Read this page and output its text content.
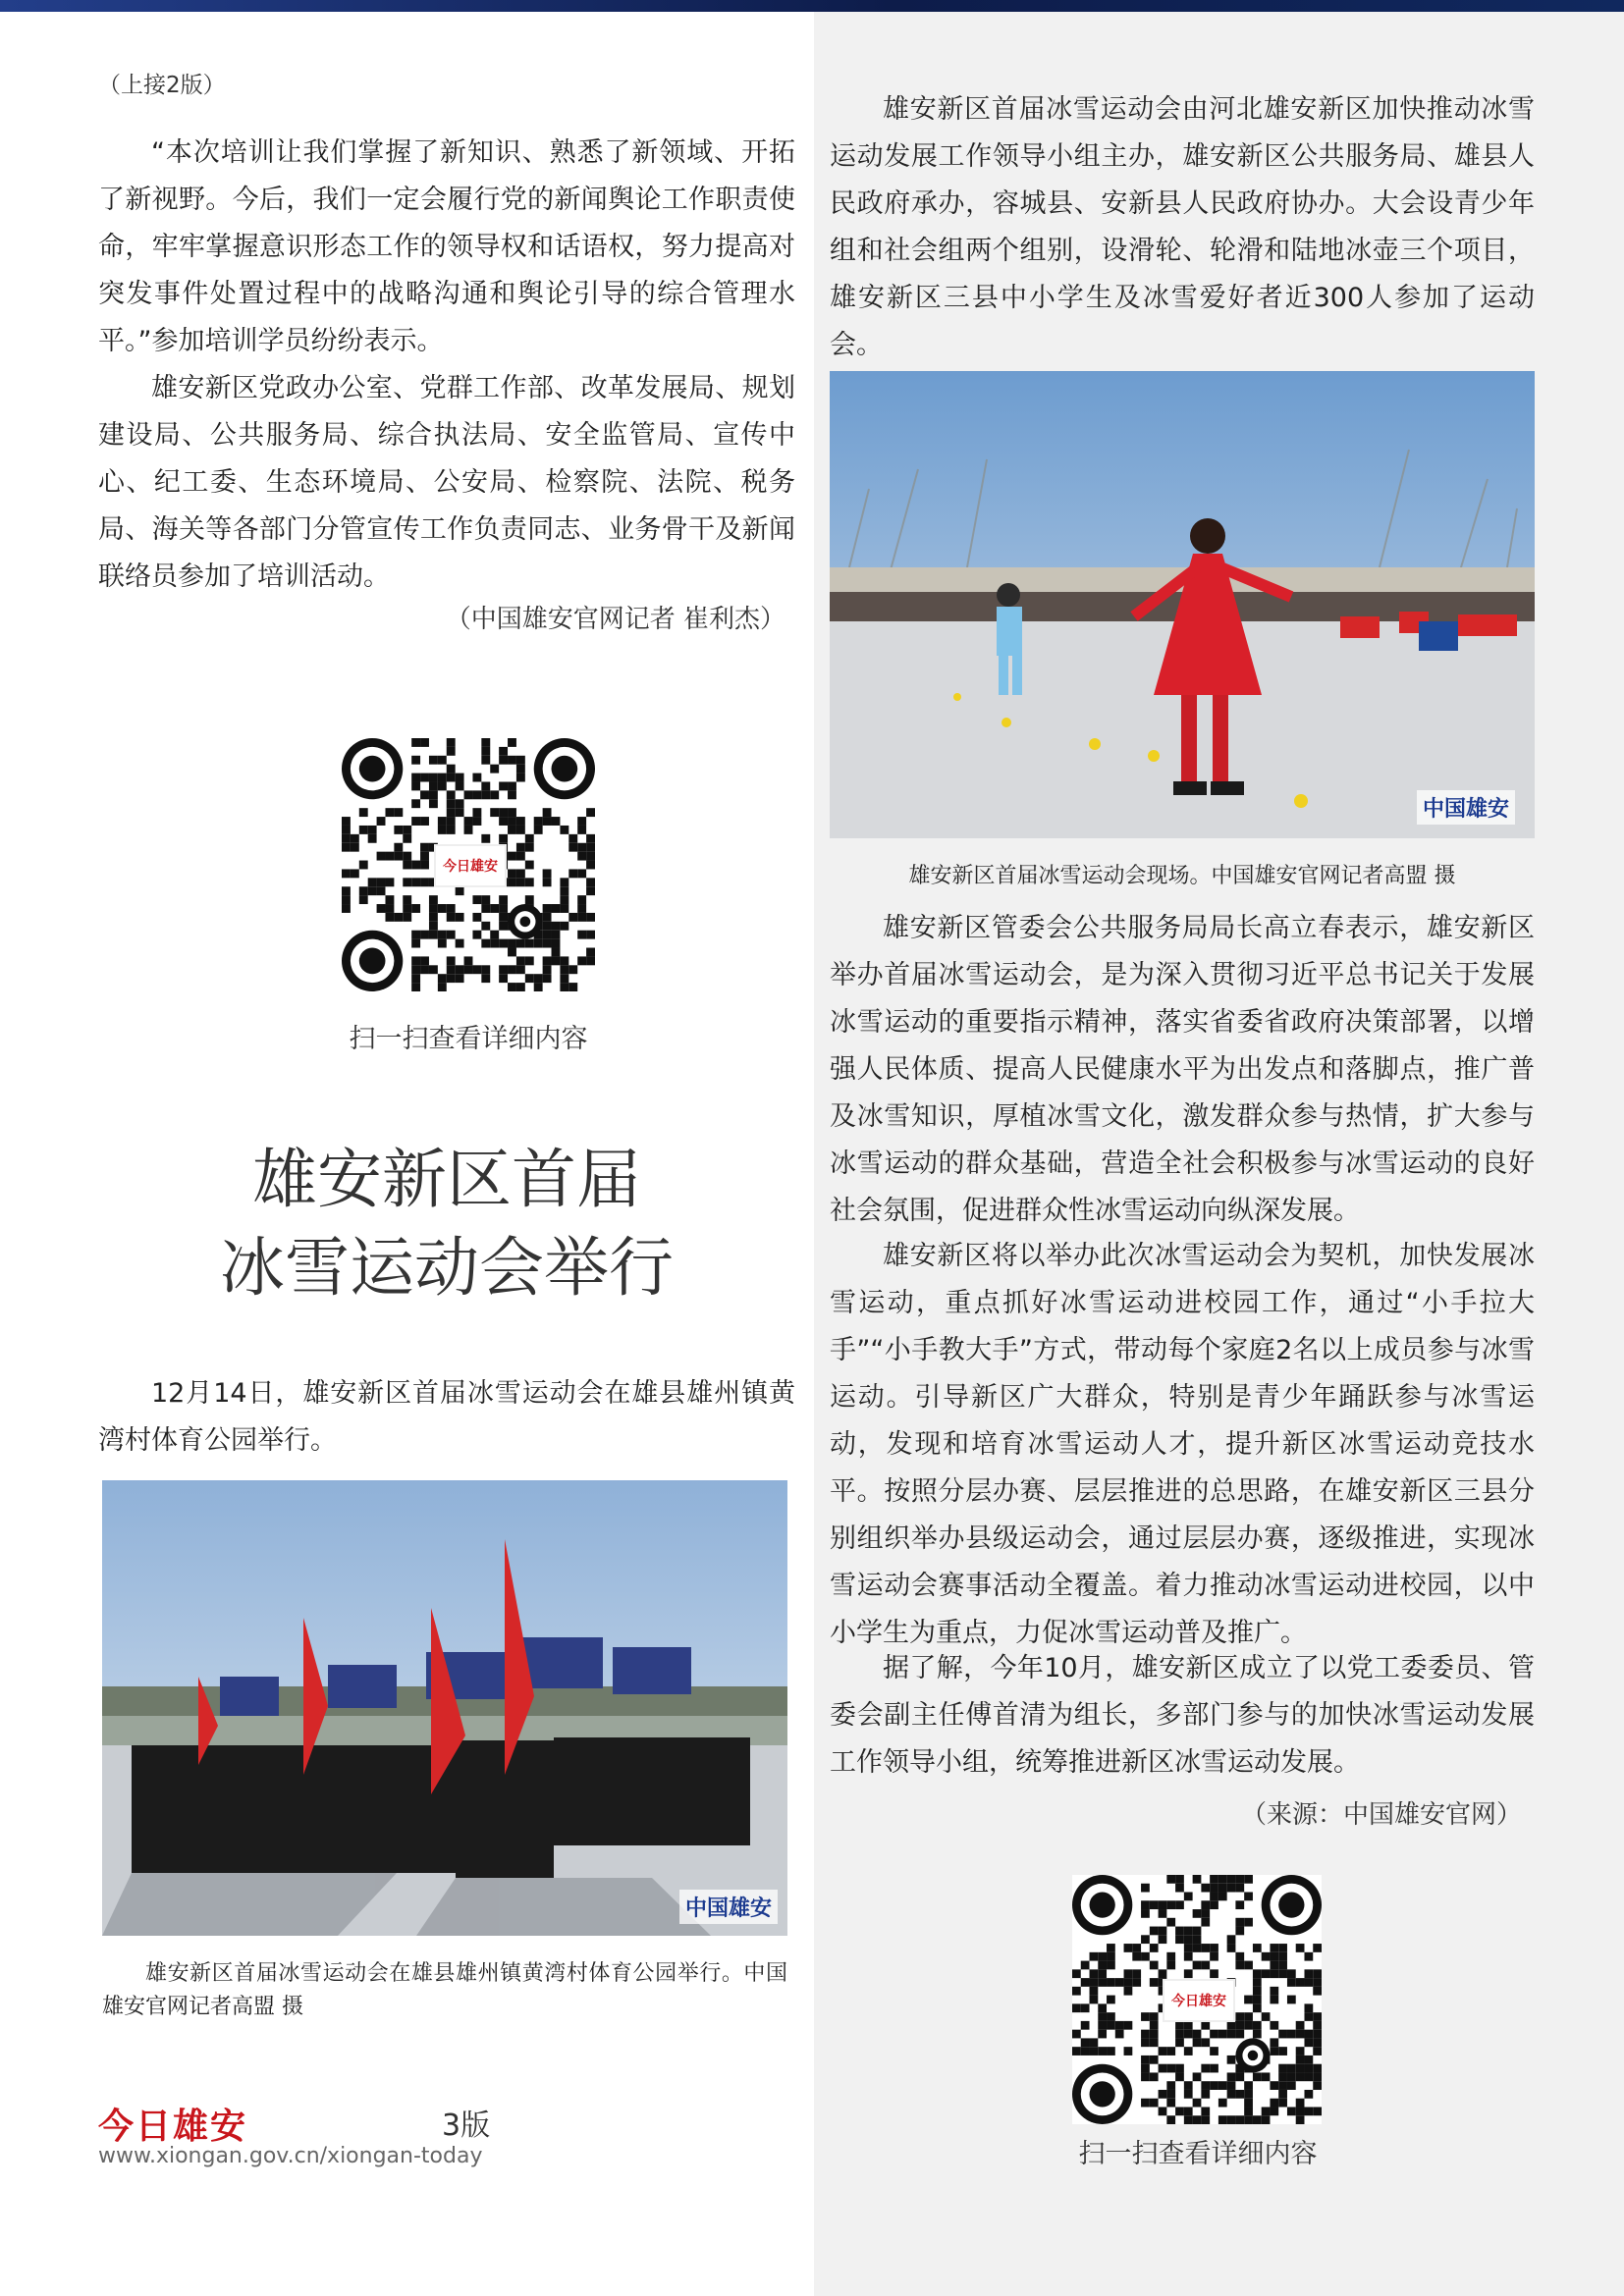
（上接2版）

“本次培训让我们掌握了新知识、熟悉了新领域、开拓了新视野。今后，我们一定会履行党的新闻舆论工作职责使命，牢牢掌握意识形态工作的领导权和话语权，努力提高对突发事件处置过程中的战略沟通和舆论引导的综合管理水平。”参加培训学员纷纷表示。

雄安新区党政办公室、党群工作部、改革发展局、规划建设局、公共服务局、综合执法局、安全监管局、宣传中心、纪工委、生态环境局、公安局、检察院、法院、税务局、海关等各部门分管宣传工作负责同志、业务骨干及新闻联络员参加了培训活动。

（中国雄安官网记者 崔利杰）
今日雄安
扫一扫查看详细内容
雄安新区首届
冰雪运动会举行

12月14日，雄安新区首届冰雪运动会在雄县雄州镇黄湾村体育公园举行。

中国雄安
雄安新区首届冰雪运动会在雄县雄州镇黄湾村体育公园举行。中国雄安官网记者高盟 摄
今日雄安	3版
www.xiongan.gov.cn/xiongan-today

雄安新区首届冰雪运动会由河北雄安新区加快推动冰雪运动发展工作领导小组主办，雄安新区公共服务局、雄县人民政府承办，容城县、安新县人民政府协办。大会设青少年组和社会组两个组别，设滑轮、轮滑和陆地冰壶三个项目，雄安新区三县中小学生及冰雪爱好者近300人参加了运动会。

中国雄安
雄安新区首届冰雪运动会现场。中国雄安官网记者高盟 摄

雄安新区管委会公共服务局局长高立春表示，雄安新区举办首届冰雪运动会，是为深入贯彻习近平总书记关于发展冰雪运动的重要指示精神，落实省委省政府决策部署，以增强人民体质、提高人民健康水平为出发点和落脚点，推广普及冰雪知识，厚植冰雪文化，激发群众参与热情，扩大参与冰雪运动的群众基础，营造全社会积极参与冰雪运动的良好社会氛围，促进群众性冰雪运动向纵深发展。

雄安新区将以举办此次冰雪运动会为契机，加快发展冰雪运动，重点抓好冰雪运动进校园工作，通过“小手拉大手”“小手教大手”方式，带动每个家庭2名以上成员参与冰雪运动。引导新区广大群众，特别是青少年踊跃参与冰雪运动，发现和培育冰雪运动人才，提升新区冰雪运动竞技水平。按照分层办赛、层层推进的总思路，在雄安新区三县分别组织举办县级运动会，通过层层办赛，逐级推进，实现冰雪运动会赛事活动全覆盖。着力推动冰雪运动进校园，以中小学生为重点，力促冰雪运动普及推广。

据了解，今年10月，雄安新区成立了以党工委委员、管委会副主任傅首清为组长，多部门参与的加快冰雪运动发展工作领导小组，统筹推进新区冰雪运动发展。

（来源：中国雄安官网）
今日雄安
扫一扫查看详细内容
